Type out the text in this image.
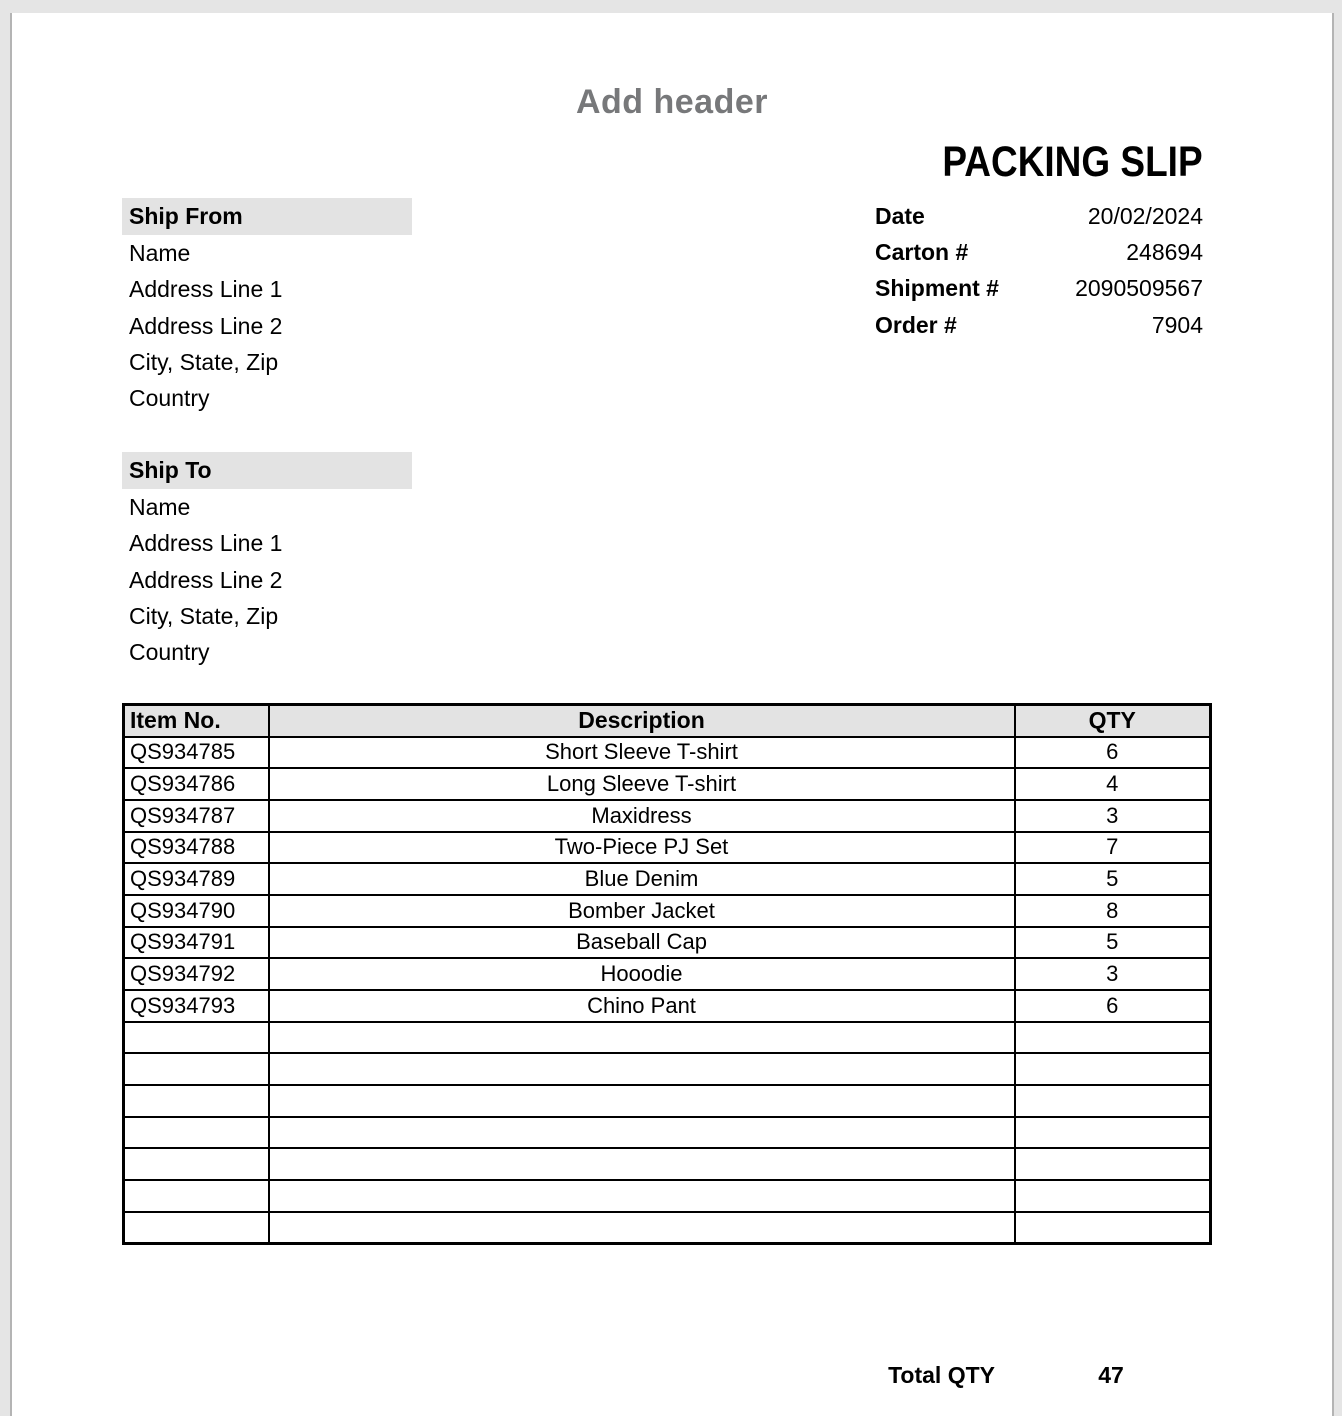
Add header
PACKING SLIP
Ship From
Name
Address Line 1
Address Line 2
City, State, Zip
Country
Date	20/02/2024
Carton #	248694
Shipment #	2090509567
Order #	7904
Ship To
Name
Address Line 1
Address Line 2
City, State, Zip
Country
Item No.	Description	QTY
QS934785	Short Sleeve T-shirt	6
QS934786	Long Sleeve T-shirt	4
QS934787	Maxidress	3
QS934788	Two-Piece PJ Set	7
QS934789	Blue Denim	5
QS934790	Bomber Jacket	8
QS934791	Baseball Cap	5
QS934792	Hooodie	3
QS934793	Chino Pant	6

Total QTY	47
